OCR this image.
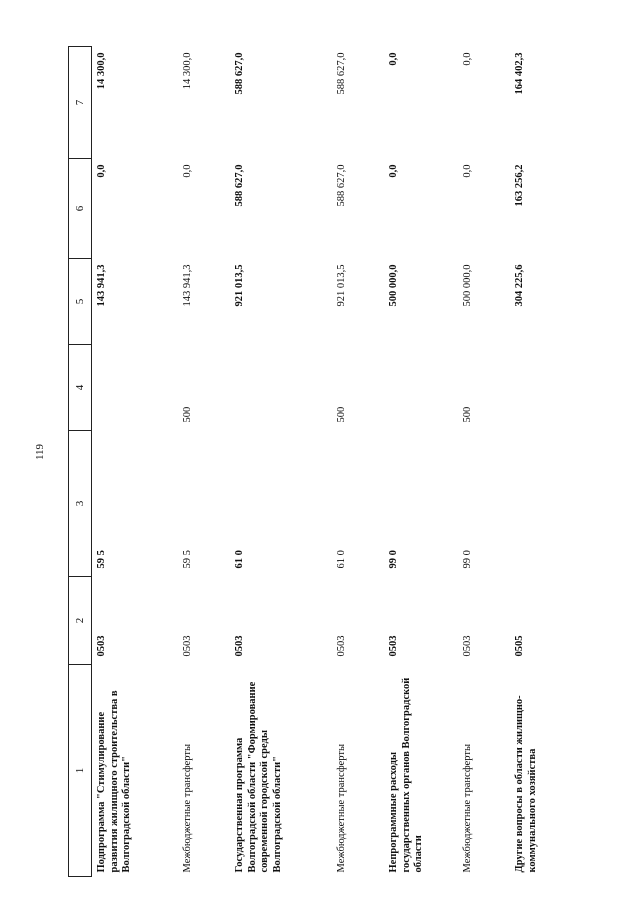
119
1	2	3	4	5	6	7
Подпрограмма "Стимулирование развития жилищного строительства в Волгоградской области"	0503	59 5		143 941,3	0,0	14 300,0
Межбюджетные трансферты	0503	59 5	500	143 941,3	0,0	14 300,0
Государственная программа Волгоградской области "Формирование современной городской среды Волгоградской области"	0503	61 0		921 013,5	588 627,0	588 627,0
Межбюджетные трансферты	0503	61 0	500	921 013,5	588 627,0	588 627,0
Непрограммные расходы государственных органов Волгоградской области	0503	99 0		500 000,0	0,0	0,0
Межбюджетные трансферты	0503	99 0	500	500 000,0	0,0	0,0
Другие вопросы в области жилищно-коммунального хозяйства	0505			304 225,6	163 256,2	164 402,3
